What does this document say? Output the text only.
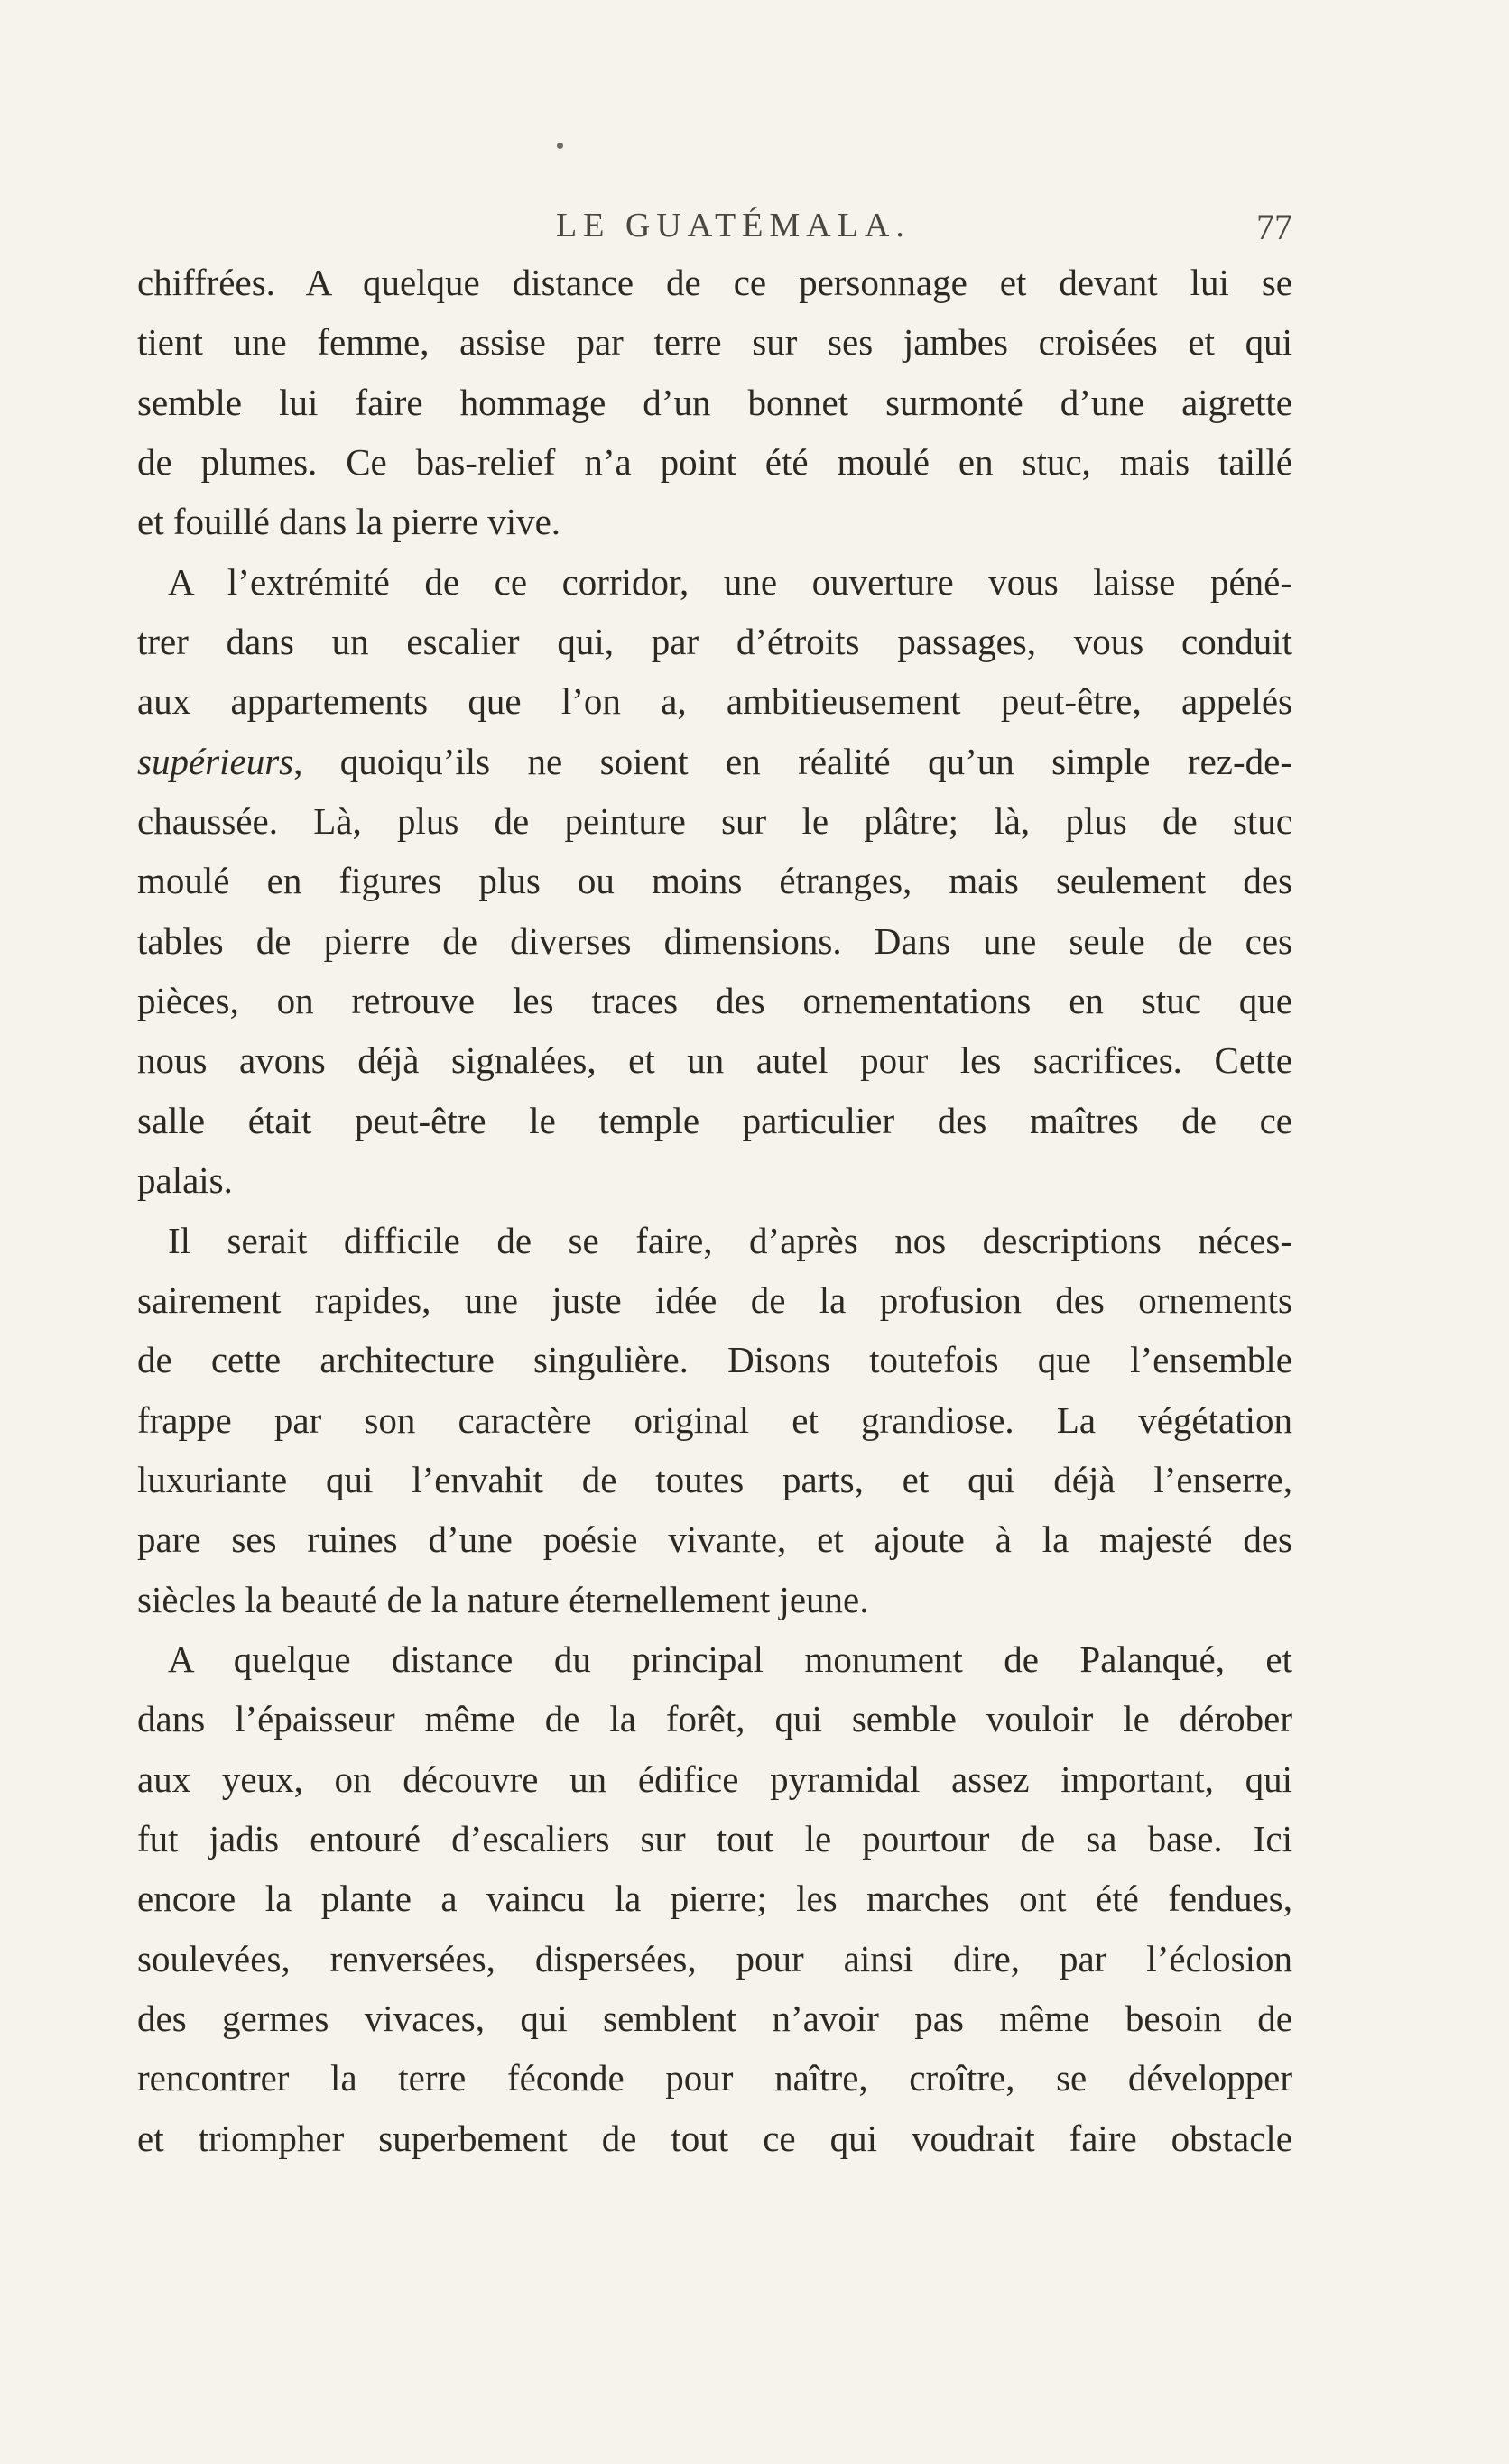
LE GUATÉMALA.	77
chiffrées. A quelque distance de ce personnage et devant lui se
tient une femme, assise par terre sur ses jambes croisées et qui
semble lui faire hommage d’un bonnet surmonté d’une aigrette
de plumes. Ce bas-relief n’a point été moulé en stuc, mais taillé
et fouillé dans la pierre vive.
A l’extrémité de ce corridor, une ouverture vous laisse péné-
trer dans un escalier qui, par d’étroits passages, vous conduit
aux appartements que l’on a, ambitieusement peut-être, appelés
supérieurs, quoiqu’ils ne soient en réalité qu’un simple rez-de-
chaussée. Là, plus de peinture sur le plâtre; là, plus de stuc
moulé en figures plus ou moins étranges, mais seulement des
tables de pierre de diverses dimensions. Dans une seule de ces
pièces, on retrouve les traces des ornementations en stuc que
nous avons déjà signalées, et un autel pour les sacrifices. Cette
salle était peut-être le temple particulier des maîtres de ce
palais.
Il serait difficile de se faire, d’après nos descriptions néces-
sairement rapides, une juste idée de la profusion des ornements
de cette architecture singulière. Disons toutefois que l’ensemble
frappe par son caractère original et grandiose. La végétation
luxuriante qui l’envahit de toutes parts, et qui déjà l’enserre,
pare ses ruines d’une poésie vivante, et ajoute à la majesté des
siècles la beauté de la nature éternellement jeune.
A quelque distance du principal monument de Palanqué, et
dans l’épaisseur même de la forêt, qui semble vouloir le dérober
aux yeux, on découvre un édifice pyramidal assez important, qui
fut jadis entouré d’escaliers sur tout le pourtour de sa base. Ici
encore la plante a vaincu la pierre; les marches ont été fendues,
soulevées, renversées, dispersées, pour ainsi dire, par l’éclosion
des germes vivaces, qui semblent n’avoir pas même besoin de
rencontrer la terre féconde pour naître, croître, se développer
et triompher superbement de tout ce qui voudrait faire obstacle
